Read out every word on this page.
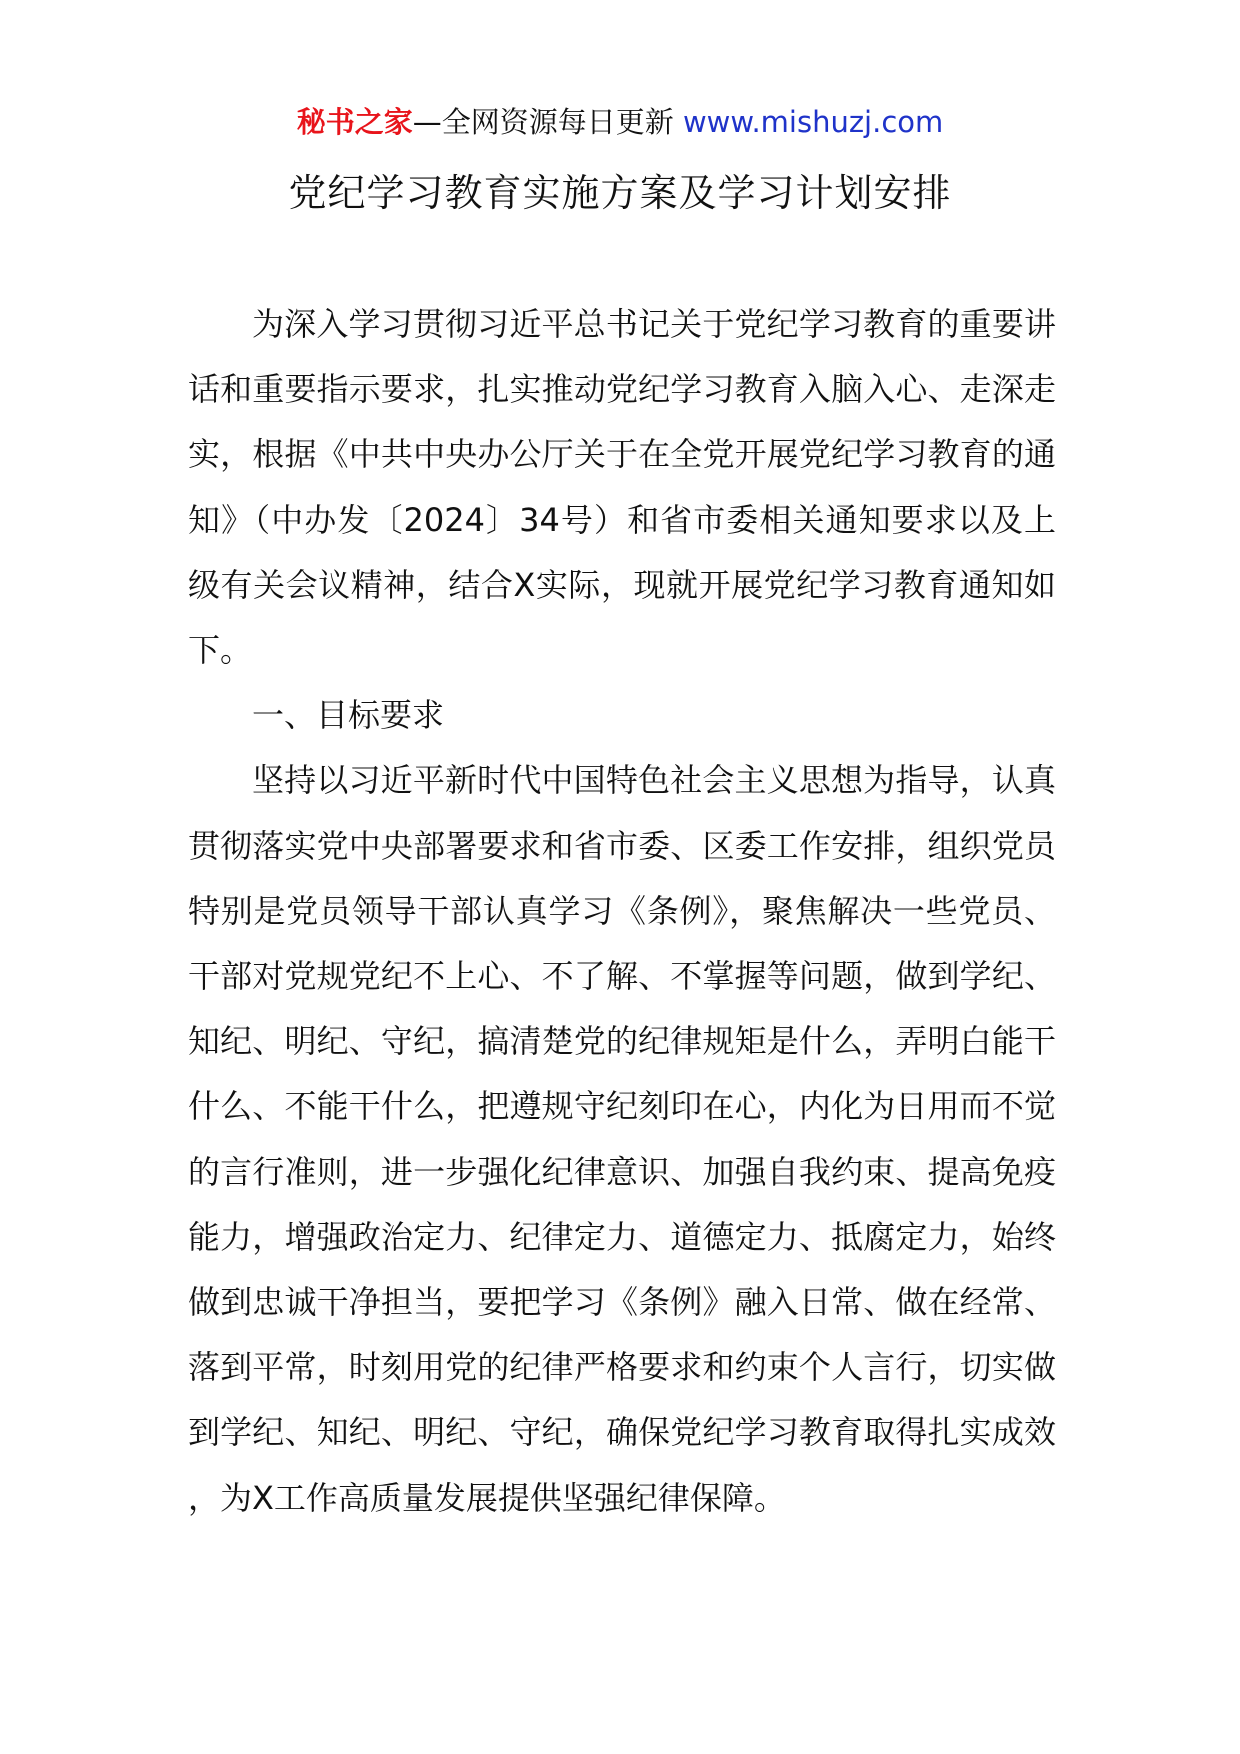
秘书之家—全网资源每日更新 www.mishuzj.com
党纪学习教育实施方案及学习计划安排

为深入学习贯彻习近平总书记关于党纪学习教育的重要讲话和重要指示要求，扎实推动党纪学习教育入脑入心、走深走实，根据《中共中央办公厅关于在全党开展党纪学习教育的通知》（中办发〔2024〕34号）和省市委相关通知要求以及上级有关会议精神，结合X实际，现就开展党纪学习教育通知如下。

一、目标要求

坚持以习近平新时代中国特色社会主义思想为指导，认真贯彻落实党中央部署要求和省市委、区委工作安排，组织党员特别是党员领导干部认真学习《条例》，聚焦解决一些党员、干部对党规党纪不上心、不了解、不掌握等问题，做到学纪、知纪、明纪、守纪，搞清楚党的纪律规矩是什么，弄明白能干什么、不能干什么，把遵规守纪刻印在心，内化为日用而不觉的言行准则，进一步强化纪律意识、加强自我约束、提高免疫能力，增强政治定力、纪律定力、道德定力、抵腐定力，始终做到忠诚干净担当，要把学习《条例》融入日常、做在经常、落到平常，时刻用党的纪律严格要求和约束个人言行，切实做到学纪、知纪、明纪、守纪，确保党纪学习教育取得扎实成效，为X工作高质量发展提供坚强纪律保障。
